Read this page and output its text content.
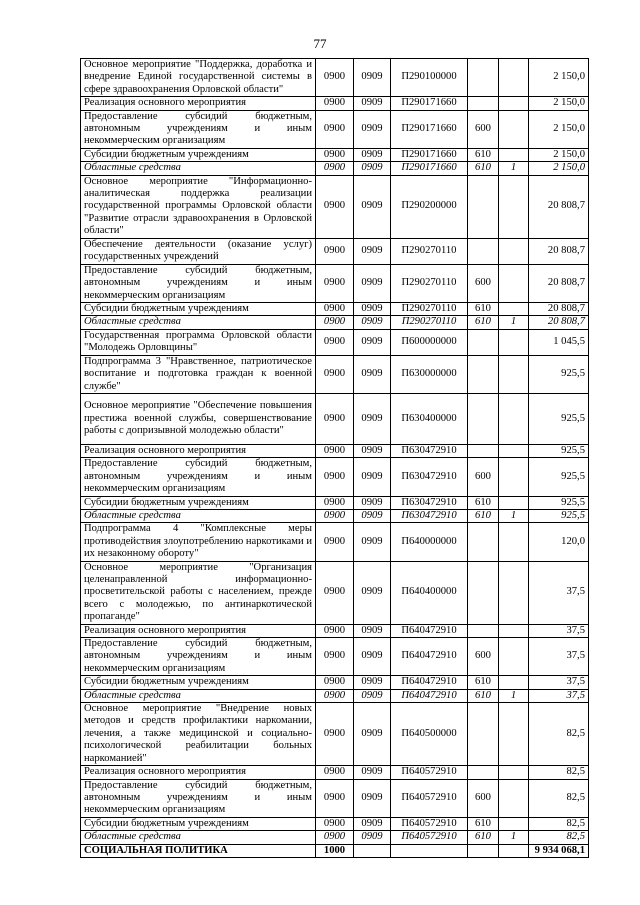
77
Основное мероприятие "Поддержка, доработка и внедрение Единой государственной системы в сфере здравоохранения Орловской области"	0900	0909	П290100000			2 150,0
Реализация основного мероприятия	0900	0909	П290171660			2 150,0
Предоставление субсидий бюджетным, автономным учреждениям и иным некоммерческим организациям	0900	0909	П290171660	600		2 150,0
Субсидии бюджетным учреждениям	0900	0909	П290171660	610		2 150,0
Областные средства	0900	0909	П290171660	610	1	2 150,0
Основное мероприятие "Информационно-аналитическая поддержка реализации государственной программы Орловской области "Развитие отрасли здравоохранения в Орловской области"	0900	0909	П290200000			20 808,7
Обеспечение деятельности (оказание услуг) государственных учреждений	0900	0909	П290270110			20 808,7
Предоставление субсидий бюджетным, автономным учреждениям и иным некоммерческим организациям	0900	0909	П290270110	600		20 808,7
Субсидии бюджетным учреждениям	0900	0909	П290270110	610		20 808,7
Областные средства	0900	0909	П290270110	610	1	20 808,7
Государственная программа Орловской области "Молодежь Орловщины"	0900	0909	П600000000			1 045,5
Подпрограмма 3 "Нравственное, патриотическое воспитание и подготовка граждан к военной службе"	0900	0909	П630000000			925,5
Основное мероприятие "Обеспечение повышения престижа военной службы, совершенствование работы с допризывной молодежью области"	0900	0909	П630400000			925,5
Реализация основного мероприятия	0900	0909	П630472910			925,5
Предоставление субсидий бюджетным, автономным учреждениям и иным некоммерческим организациям	0900	0909	П630472910	600		925,5
Субсидии бюджетным учреждениям	0900	0909	П630472910	610		925,5
Областные средства	0900	0909	П630472910	610	1	925,5
Подпрограмма 4 "Комплексные меры противодействия злоупотреблению наркотиками и их незаконному обороту"	0900	0909	П640000000			120,0
Основное мероприятие "Организация целенаправленной информационно-просветительской работы с населением, прежде всего с молодежью, по антинаркотической пропаганде"	0900	0909	П640400000			37,5
Реализация основного мероприятия	0900	0909	П640472910			37,5
Предоставление субсидий бюджетным, автономным учреждениям и иным некоммерческим организациям	0900	0909	П640472910	600		37,5
Субсидии бюджетным учреждениям	0900	0909	П640472910	610		37,5
Областные средства	0900	0909	П640472910	610	1	37,5
Основное мероприятие "Внедрение новых методов и средств профилактики наркомании, лечения, а также медицинской и социально-психологической реабилитации больных наркоманией"	0900	0909	П640500000			82,5
Реализация основного мероприятия	0900	0909	П640572910			82,5
Предоставление субсидий бюджетным, автономным учреждениям и иным некоммерческим организациям	0900	0909	П640572910	600		82,5
Субсидии бюджетным учреждениям	0900	0909	П640572910	610		82,5
Областные средства	0900	0909	П640572910	610	1	82,5
СОЦИАЛЬНАЯ ПОЛИТИКА	1000					9 934 068,1
